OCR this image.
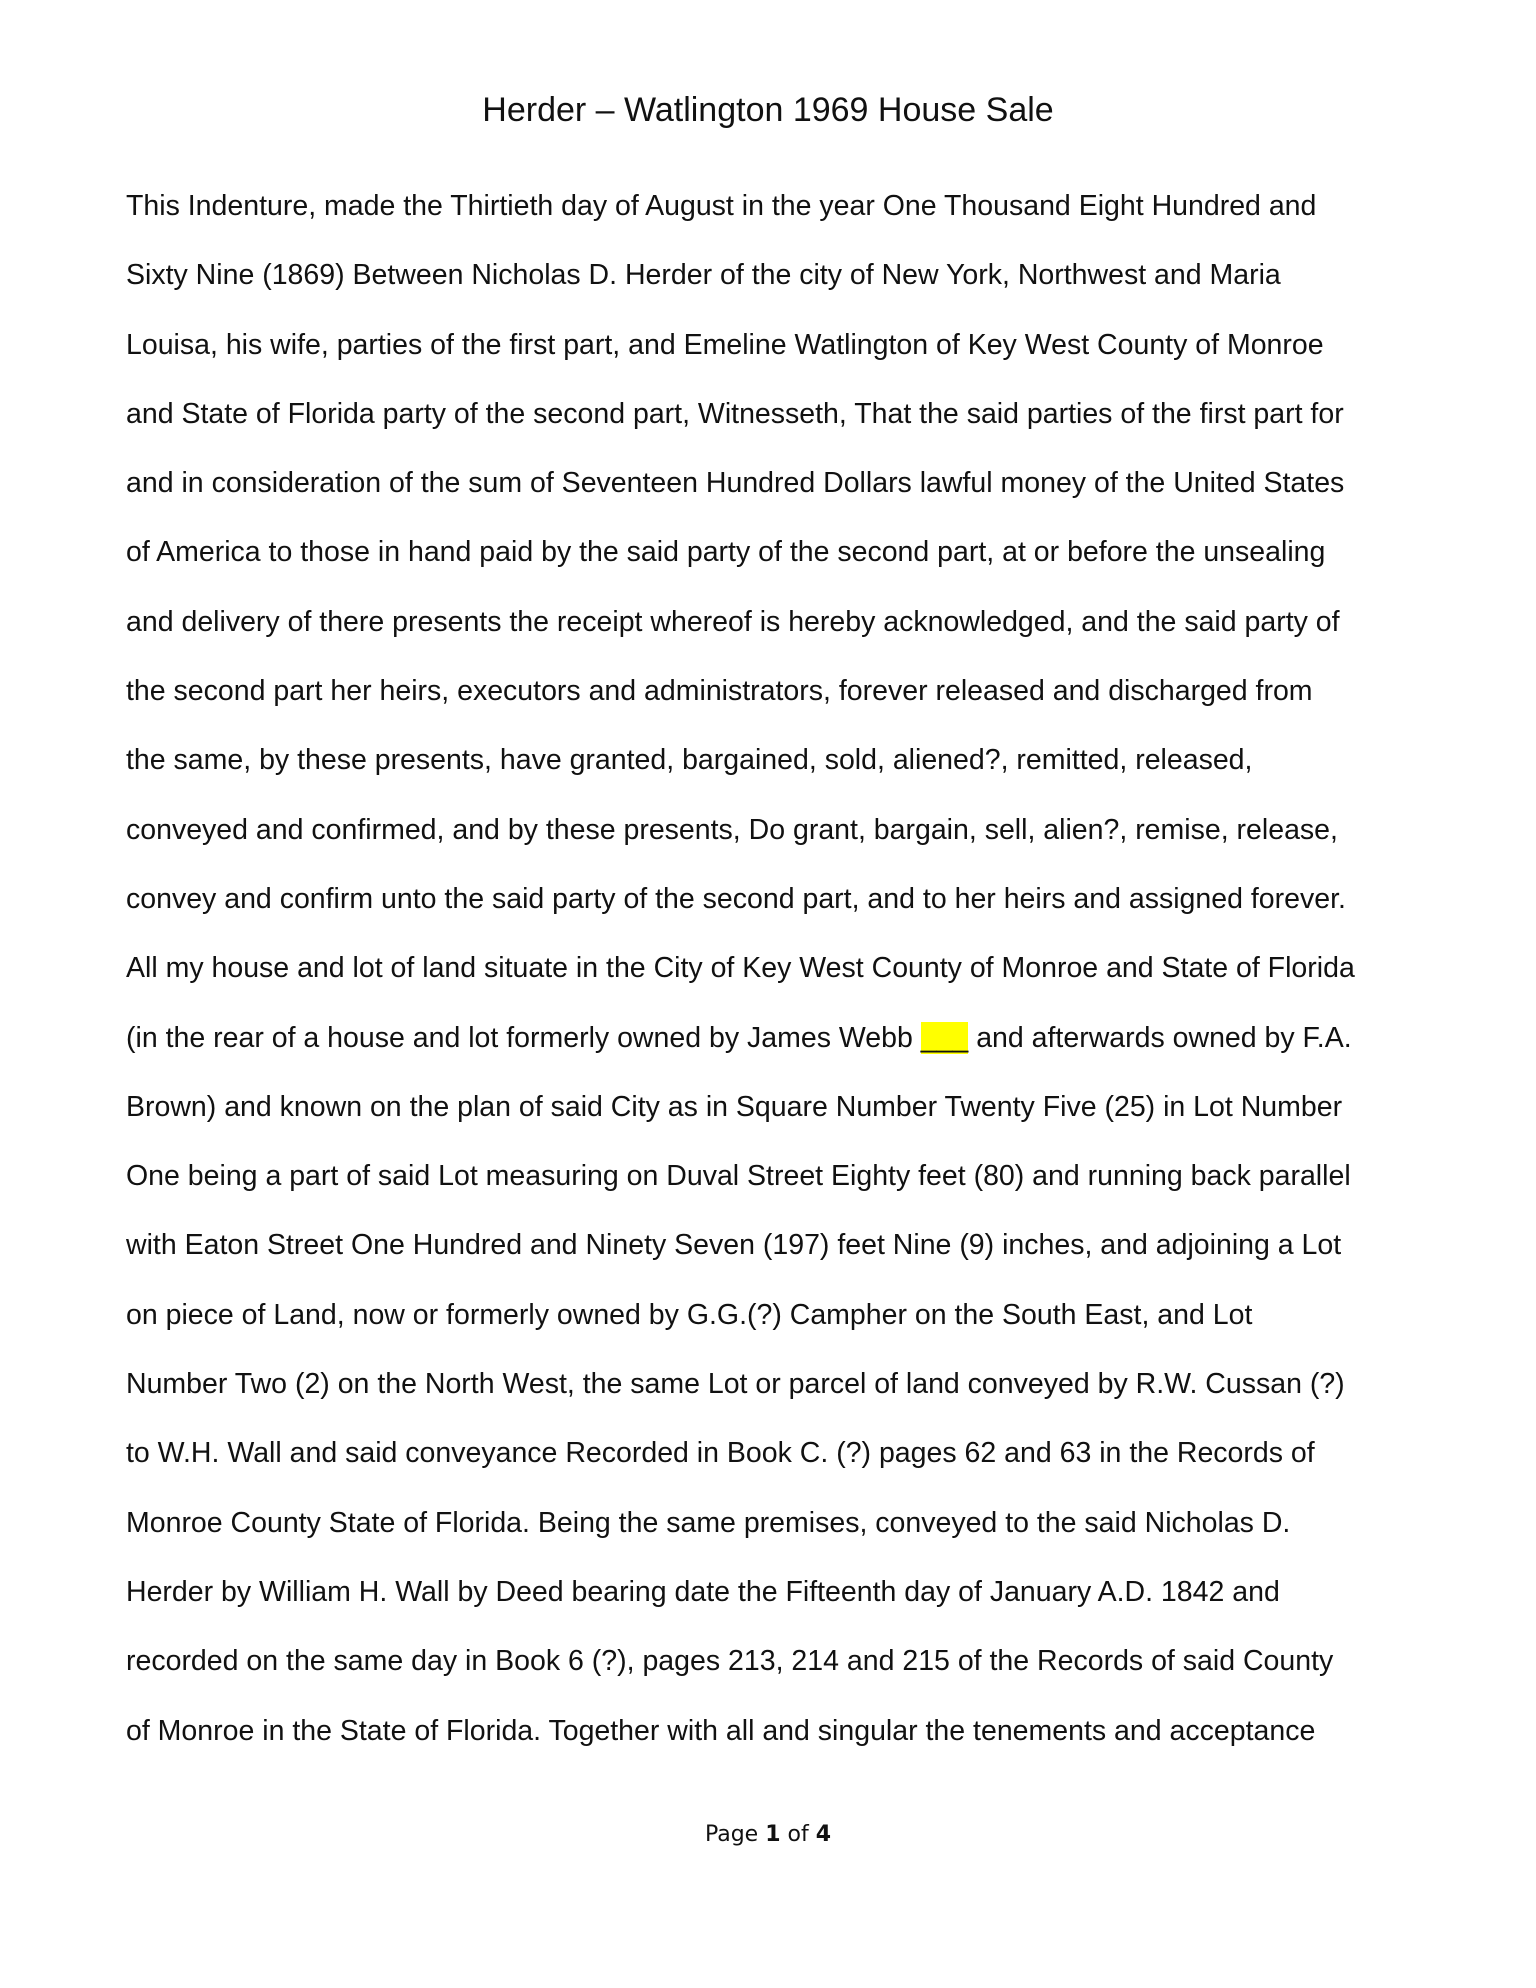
Herder – Watlington 1969 House Sale
This Indenture, made the Thirtieth day of August in the year One Thousand Eight Hundred and
Sixty Nine (1869) Between Nicholas D. Herder of the city of New York, Northwest and Maria
Louisa, his wife, parties of the first part, and Emeline Watlington of Key West County of Monroe
and State of Florida party of the second part, Witnesseth, That the said parties of the first part for
and in consideration of the sum of Seventeen Hundred Dollars lawful money of the United States
of America to those in hand paid by the said party of the second part, at or before the unsealing
and delivery of there presents the receipt whereof is hereby acknowledged, and the said party of
the second part her heirs, executors and administrators, forever released and discharged from
the same, by these presents, have granted, bargained, sold, aliened?, remitted, released,
conveyed and confirmed, and by these presents, Do grant, bargain, sell, alien?, remise, release,
convey and confirm unto the said party of the second part, and to her heirs and assigned forever.
All my house and lot of land situate in the City of Key West County of Monroe and State of Florida
(in the rear of a house and lot formerly owned by James Webb ___ and afterwards owned by F.A.
Brown) and known on the plan of said City as in Square Number Twenty Five (25) in Lot Number
One being a part of said Lot measuring on Duval Street Eighty feet (80) and running back parallel
with Eaton Street One Hundred and Ninety Seven (197) feet Nine (9) inches, and adjoining a Lot
on piece of Land, now or formerly owned by G.G.(?) Campher on the South East, and Lot
Number Two (2) on the North West, the same Lot or parcel of land conveyed by R.W. Cussan (?)
to W.H. Wall and said conveyance Recorded in Book C. (?) pages 62 and 63 in the Records of
Monroe County State of Florida. Being the same premises, conveyed to the said Nicholas D.
Herder by William H. Wall by Deed bearing date the Fifteenth day of January A.D. 1842 and
recorded on the same day in Book 6 (?), pages 213, 214 and 215 of the Records of said County
of Monroe in the State of Florida. Together with all and singular the tenements and acceptance
Page 1 of 4
